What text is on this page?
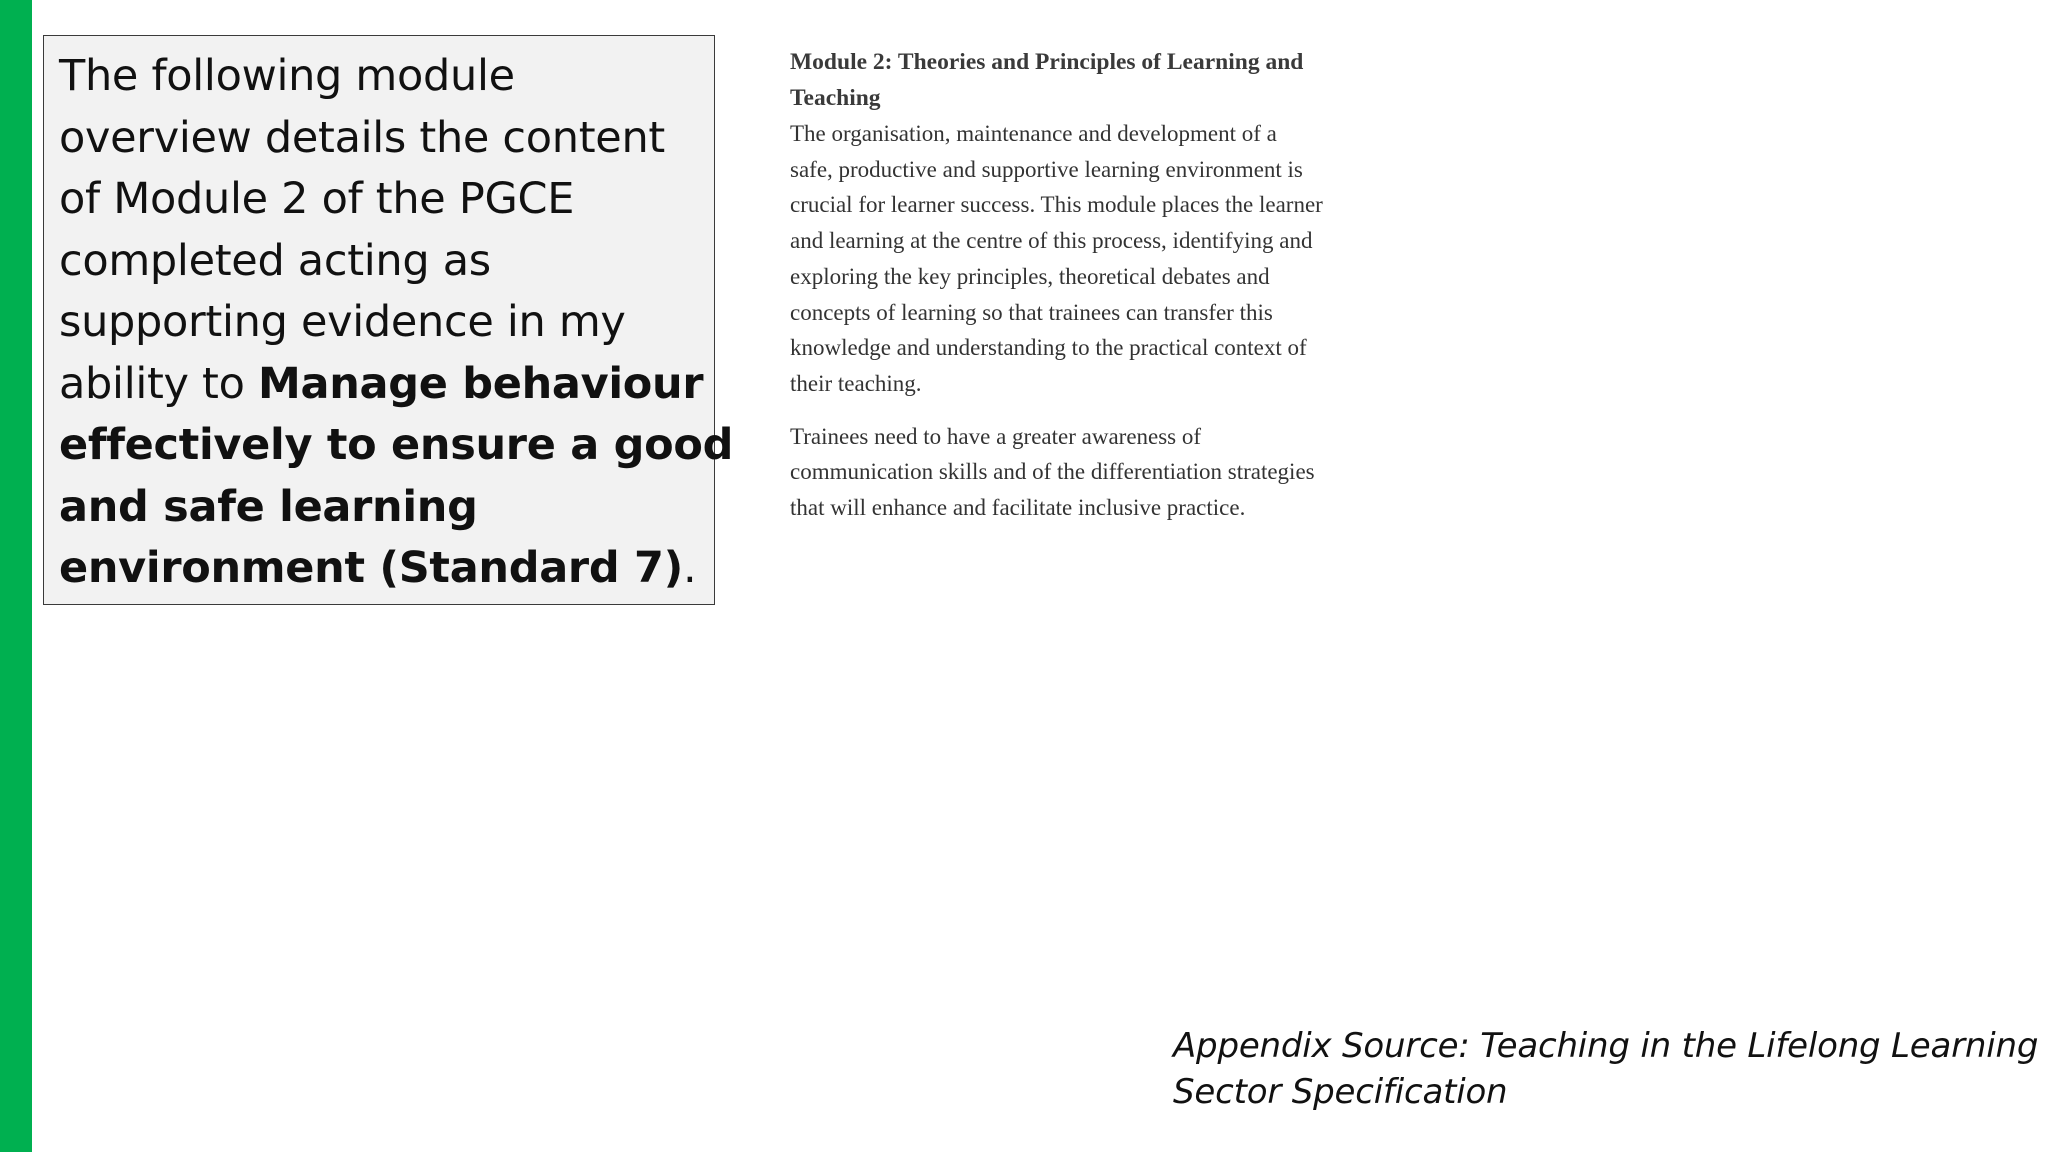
The following module
overview details the content
of Module 2 of the PGCE
completed acting as
supporting evidence in my
ability to Manage behaviour
effectively to ensure a good
and safe learning
environment (Standard 7).
Module 2: Theories and Principles of Learning and
Teaching
The organisation, maintenance and development of a
safe, productive and supportive learning environment is
crucial for learner success. This module places the learner
and learning at the centre of this process, identifying and
exploring the key principles, theoretical debates and
concepts of learning so that trainees can transfer this
knowledge and understanding to the practical context of
their teaching.
Trainees need to have a greater awareness of
communication skills and of the differentiation strategies
that will enhance and facilitate inclusive practice.
Appendix Source: Teaching in the Lifelong Learning
Sector Specification
